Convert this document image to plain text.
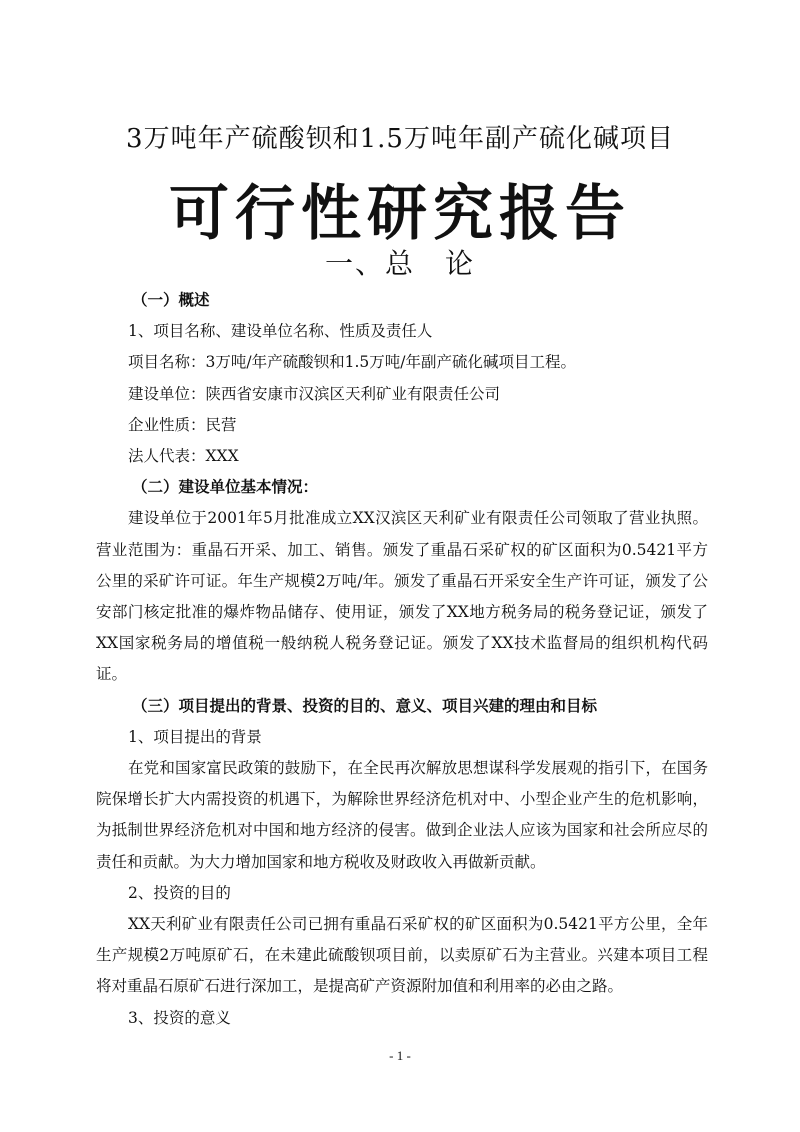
3万吨年产硫酸钡和1.5万吨年副产硫化碱项目
可行性研究报告
一、总　论
（一）概述
1、项目名称、建设单位名称、性质及责任人
项目名称：3万吨/年产硫酸钡和1.5万吨/年副产硫化碱项目工程。
建设单位：陕西省安康市汉滨区天利矿业有限责任公司
企业性质：民营
法人代表：XXX
（二）建设单位基本情况：

建设单位于2001年5月批准成立XX汉滨区天利矿业有限责任公司领取了营业执照。营业范围为：重晶石开采、加工、销售。颁发了重晶石采矿权的矿区面积为0.5421平方公里的采矿许可证。年生产规模2万吨/年。颁发了重晶石开采安全生产许可证，颁发了公安部门核定批准的爆炸物品储存、使用证，颁发了XX地方税务局的税务登记证，颁发了XX国家税务局的增值税一般纳税人税务登记证。颁发了XX技术监督局的组织机构代码证。

（三）项目提出的背景、投资的目的、意义、项目兴建的理由和目标
1、项目提出的背景

在党和国家富民政策的鼓励下，在全民再次解放思想谋科学发展观的指引下，在国务院保增长扩大内需投资的机遇下，为解除世界经济危机对中、小型企业产生的危机影响，为抵制世界经济危机对中国和地方经济的侵害。做到企业法人应该为国家和社会所应尽的责任和贡献。为大力增加国家和地方税收及财政收入再做新贡献。

2、投资的目的

XX天利矿业有限责任公司已拥有重晶石采矿权的矿区面积为0.5421平方公里，全年生产规模2万吨原矿石，在未建此硫酸钡项目前，以卖原矿石为主营业。兴建本项目工程将对重晶石原矿石进行深加工，是提高矿产资源附加值和利用率的必由之路。

3、投资的意义
- 1 -
